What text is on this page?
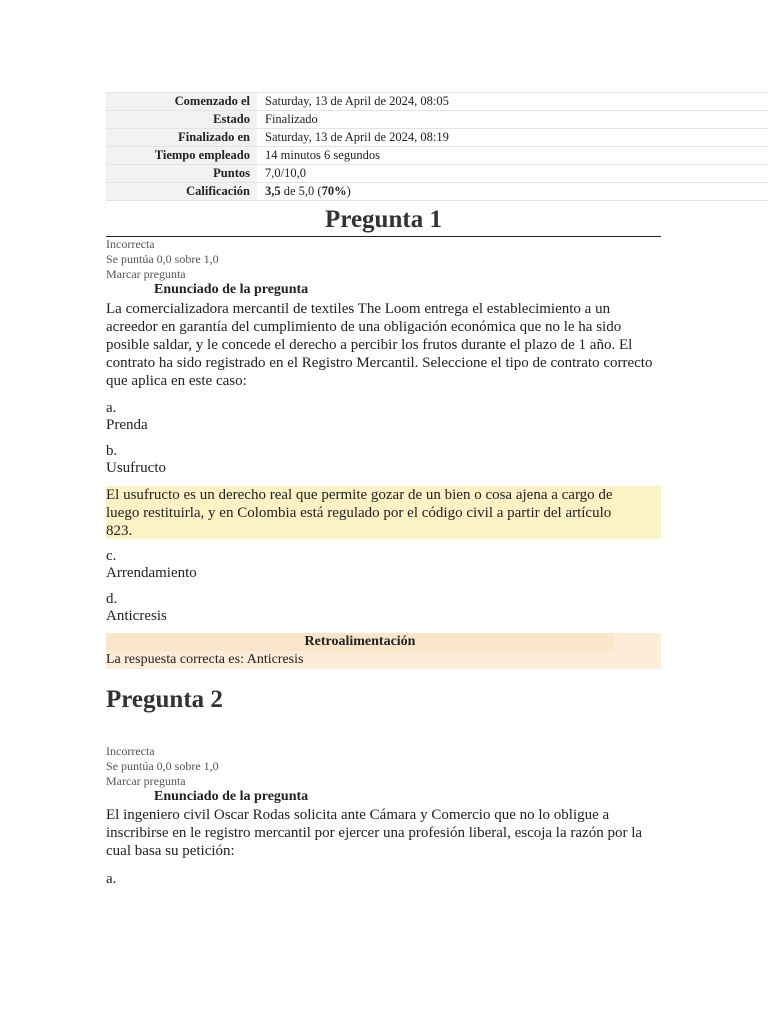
Comenzado el	Saturday, 13 de April de 2024, 08:05
Estado	Finalizado
Finalizado en	Saturday, 13 de April de 2024, 08:19
Tiempo empleado	14 minutos 6 segundos
Puntos	7,0/10,0
Calificación	3,5 de 5,0 (70%)
Pregunta 1
Incorrecta
Se puntúa 0,0 sobre 1,0
Marcar pregunta
Enunciado de la pregunta
La comercializadora mercantil de textiles The Loom entrega el establecimiento a un acreedor en garantía del cumplimiento de una obligación económica que no le ha sido posible saldar, y le concede el derecho a percibir los frutos durante el plazo de 1 año. El contrato ha sido registrado en el Registro Mercantil. Seleccione el tipo de contrato correcto que aplica en este caso:
a.
Prenda
b.
Usufructo
El usufructo es un derecho real que permite gozar de un bien o cosa ajena a cargo de
luego restituirla, y en Colombia está regulado por el código civil a partir del artículo
823.
c.
Arrendamiento
d.
Anticresis
Retroalimentación
La respuesta correcta es: Anticresis
Pregunta 2
Incorrecta
Se puntúa 0,0 sobre 1,0
Marcar pregunta
Enunciado de la pregunta
El ingeniero civil Oscar Rodas solicita ante Cámara y Comercio que no lo obligue a inscribirse en le registro mercantil por ejercer una profesión liberal, escoja la razón por la cual basa su petición:
a.
